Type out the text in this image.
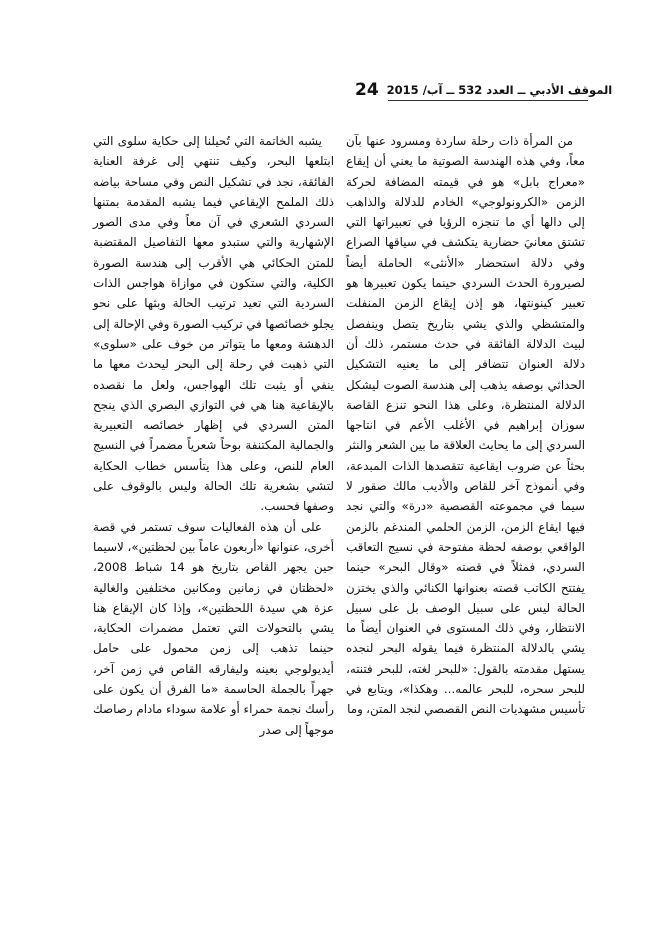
24 الموقف الأدبي ــ العدد 532 ــ آب/ 2015

من المرأة ذات رحلة ساردة ومسرود عنها بآن معاً، وفي هذه الهندسة الصوتية ما يعني أن إيقاع «معراج بابل» هو في قيمته المضافة لحركة الزمن «الكرونولوجي» الخادم للدلالة والذاهب إلى دالها أي ما تنجزه الرؤيا في تعبيراتها التي تشتق معانيَ حضارية يتكشف في سياقها الصراع وفي دلالة استحضار «الأنثى» الحاملة أيضاً لصيرورة الحدث السردي حينما يكون تعبيرها هو تعبير كينونتها، هو إذن إيقاع الزمن المنفلت والمتشظي والذي يشي بتاريخ يتصل وينفصل لبيث الدلالة الفائقة في حدث مستمر، ذلك أن دلالة العنوان تتضافر إلى ما يعنيه التشكيل الحداثي بوصفه يذهب إلى هندسة الصوت ليشكل الدلالة المنتظرة، وعلى هذا النحو تنزع القاصة سوزان إبراهيم في الأغلب الأعم في انتاجها السردي إلى ما يحايث العلاقة ما بين الشعر والنثر بحثاً عن ضروب ايقاعية تتقصدها الذات المبدعة، وفي أنموذج آخر للقاص والأديب مالك صقور لا سيما في مجموعته القصصية «درة» والتي نجد فيها ايقاع الزمن، الزمن الحلمي المندغم بالزمن الواقعي بوصفه لحظة مفتوحة في نسيج التعاقب السردي، فمثلاً في قصته «وقال البحر» حينما يفتتح الكاتب قصته بعنوانها الكنائي والذي يختزن الحالة ليس على سبيل الوصف بل على سبيل الانتظار، وفي ذلك المستوى في العنوان أيضاً ما يشي بالدلالة المنتظرة فيما يقوله البحر لنجده يستهل مقدمته بالقول: «للبحر لغته، للبحر فتنته، للبحر سحره، للبحر عالمه... وهكذا»، ويتابع في تأسيس مشهديات النص القصصي لنجد المتن، وما

يشبه الخاتمة التي تُحيلنا إلى حكاية سلوى التي ابتلعها البحر، وكيف تنتهي إلى غرفة العناية الفائقة، نجد في تشكيل النص وفي مساحة بياضه ذلك الملمح الإيقاعي فيما يشبه المقدمة بمتنها السردي الشعري في آن معاً وفي مدى الصور الإشهارية والتي ستبدو معها التفاصيل المقتضبة للمتن الحكائي هي الأقرب إلى هندسة الصورة الكلية، والتي ستكون في موازاة هواجس الذات السردية التي تعيد ترتيب الحالة وبثها على نحو يجلو خصائصها في تركيب الصورة وفي الإحالة إلى الدهشة ومعها ما يتواتر من خوف على «سلوى» التي ذهبت في رحلة إلى البحر ليحدث معها ما ينفي أو يثبت تلك الهواجس، ولعل ما نقصده بالإيقاعية هنا هي في التوازي البصري الذي ينجح المتن السردي في إظهار خصائصه التعبيرية والجمالية المكتنفة بوحاً شعرياً مضمراً في النسيج العام للنص، وعلى هذا يتأسس خطاب الحكاية لتشي بشعرية تلك الحالة وليس بالوقوف على وصفها فحسب.

على أن هذه الفعاليات سوف تستمر في قصة أخرى، عنوانها «أربعون عاماً بين لحظتين»، لاسيما حين يجهر القاص بتاريخ هو 14 شباط 2008، «لحظتان في زمانين ومكانين مختلفين والغالية عزة هي سيدة اللحظتين»، وإذا كان الإيقاع هنا يشي بالتحولات التي تعتمل مضمرات الحكاية، حينما تذهب إلى زمن محمول على حامل أيديولوجي بعينه وليفارقه القاص في زمن آخر، جهراً بالجملة الحاسمة «ما الفرق أن يكون على رأسك نجمة حمراء أو علامة سوداء مادام رصاصك موجهاً إلى صدر
